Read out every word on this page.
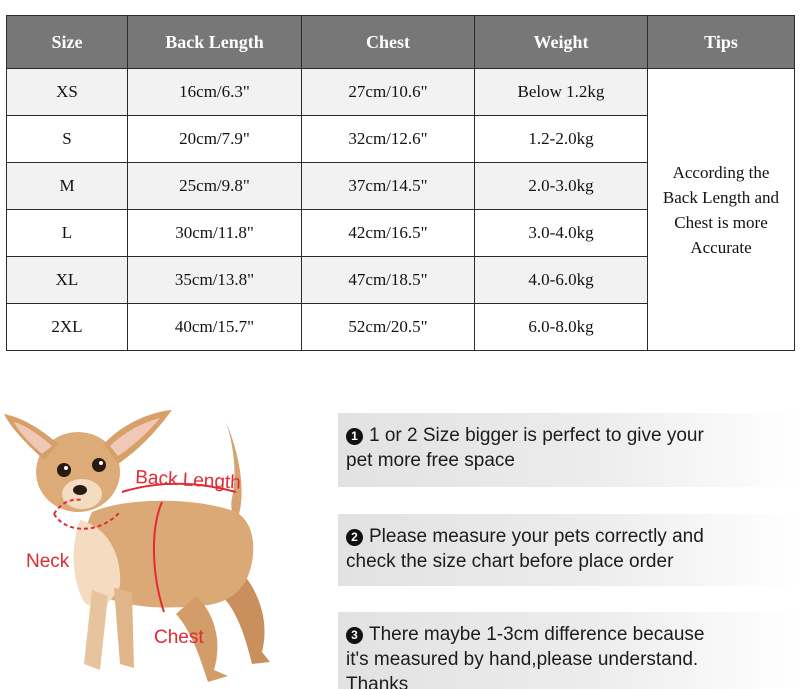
Size	Back Length	Chest	Weight	Tips
XS	16cm/6.3"	27cm/10.6"	Below 1.2kg	According the
Back Length and
Chest is more
Accurate

S	20cm/7.9"	32cm/12.6"	1.2-2.0kg	
M	25cm/9.8"	37cm/14.5"	2.0-3.0kg	
L	30cm/11.8"	42cm/16.5"	3.0-4.0kg	
XL	35cm/13.8"	47cm/18.5"	4.0-6.0kg	
2XL	40cm/15.7"	52cm/20.5"	6.0-8.0kg	
Back Length
Neck
Chest
1 1 or 2 Size bigger is perfect to give your
pet more free space
2 Please measure your pets correctly and
check the size chart before place order
3 There maybe 1-3cm difference because
it's measured by hand,please understand.
Thanks
